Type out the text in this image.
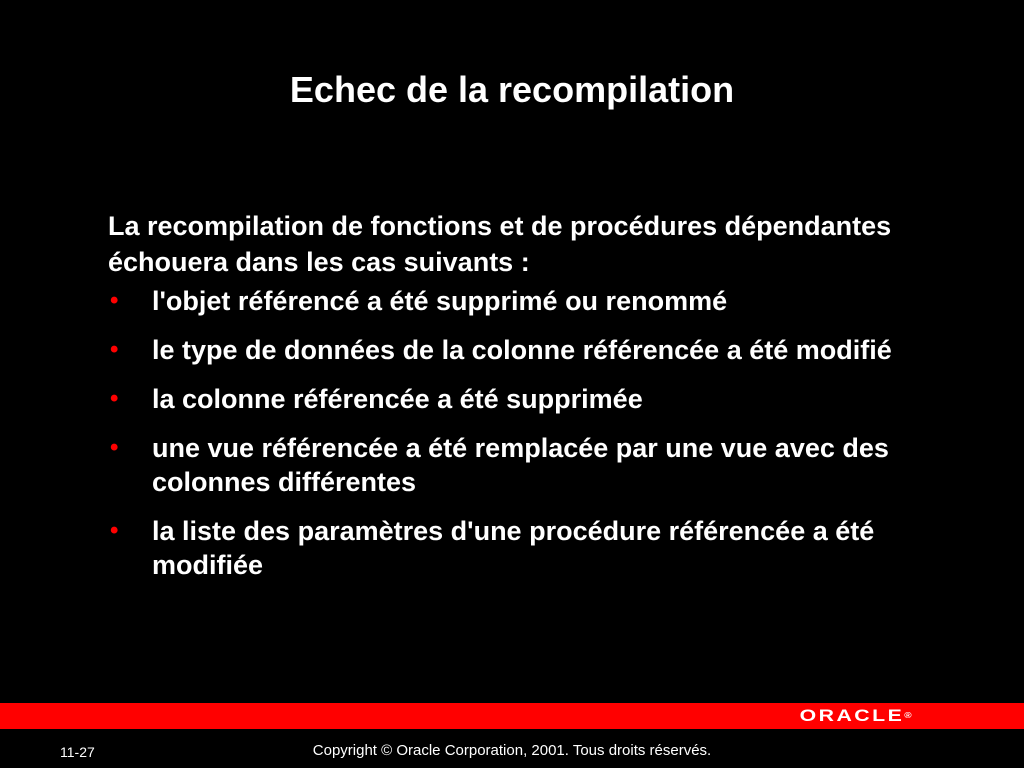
Echec de la recompilation

La recompilation de fonctions et de procédures dépendantes échouera dans les cas suivants :

• l'objet référencé a été supprimé ou renommé
• le type de données de la colonne référencée a été modifié
• la colonne référencée a été supprimée
• une vue référencée a été remplacée par une vue avec des colonnes différentes
• la liste des paramètres d'une procédure référencée a été modifiée
ORACLE®
11-27	Copyright © Oracle Corporation, 2001. Tous droits réservés.
